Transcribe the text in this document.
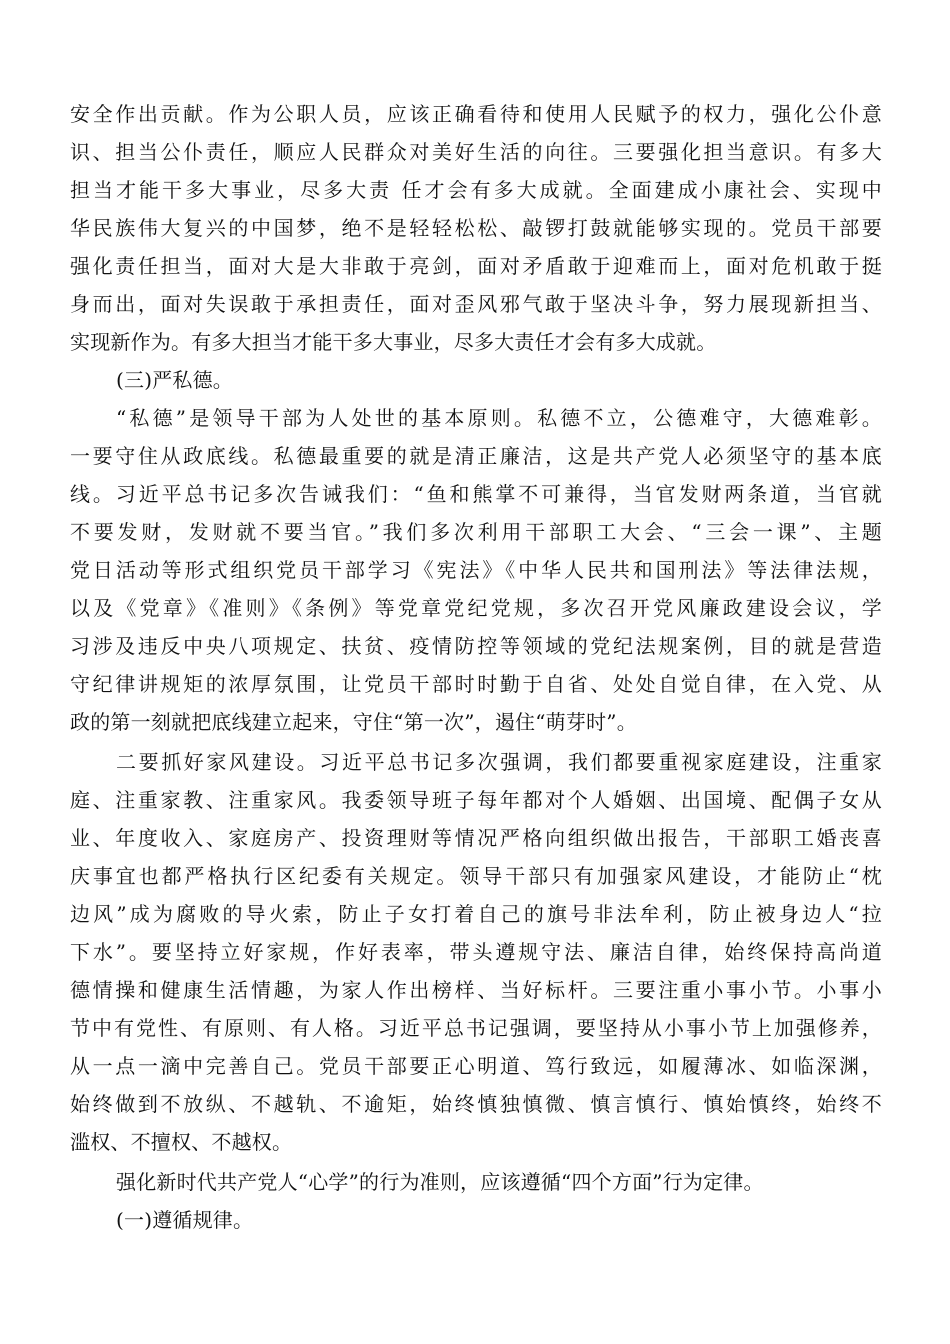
安全作出贡献。作为公职人员，应该正确看待和使用人民赋予的权力，强化公仆意
识、担当公仆责任，顺应人民群众对美好生活的向往。三要强化担当意识。有多大
担当才能干多大事业，尽多大责 任才会有多大成就。全面建成小康社会、实现中
华民族伟大复兴的中国梦，绝不是轻轻松松、敲锣打鼓就能够实现的。党员干部要
强化责任担当，面对大是大非敢于亮剑，面对矛盾敢于迎难而上，面对危机敢于挺
身而出，面对失误敢于承担责任，面对歪风邪气敢于坚决斗争，努力展现新担当、
实现新作为。有多大担当才能干多大事业，尽多大责任才会有多大成就。
(三)严私德。
“私德”是领导干部为人处世的基本原则。私德不立，公德难守，大德难彰。
一要守住从政底线。私德最重要的就是清正廉洁，这是共产党人必须坚守的基本底
线。习近平总书记多次告诫我们：“鱼和熊掌不可兼得，当官发财两条道，当官就
不要发财，发财就不要当官。”我们多次利用干部职工大会、“三会一课”、主题
党日活动等形式组织党员干部学习《宪法》《中华人民共和国刑法》等法律法规，
以及《党章》《准则》《条例》等党章党纪党规，多次召开党风廉政建设会议，学
习涉及违反中央八项规定、扶贫、疫情防控等领域的党纪法规案例，目的就是营造
守纪律讲规矩的浓厚氛围，让党员干部时时勤于自省、处处自觉自律，在入党、从
政的第一刻就把底线建立起来，守住“第一次”，遏住“萌芽时”。
二要抓好家风建设。习近平总书记多次强调，我们都要重视家庭建设，注重家
庭、注重家教、注重家风。我委领导班子每年都对个人婚姻、出国境、配偶子女从
业、年度收入、家庭房产、投资理财等情况严格向组织做出报告，干部职工婚丧喜
庆事宜也都严格执行区纪委有关规定。领导干部只有加强家风建设，才能防止“枕
边风”成为腐败的导火索，防止子女打着自己的旗号非法牟利，防止被身边人“拉
下水”。要坚持立好家规，作好表率，带头遵规守法、廉洁自律，始终保持高尚道
德情操和健康生活情趣，为家人作出榜样、当好标杆。三要注重小事小节。小事小
节中有党性、有原则、有人格。习近平总书记强调，要坚持从小事小节上加强修养，
从一点一滴中完善自己。党员干部要正心明道、笃行致远，如履薄冰、如临深渊，
始终做到不放纵、不越轨、不逾矩，始终慎独慎微、慎言慎行、慎始慎终，始终不
滥权、不擅权、不越权。
强化新时代共产党人“心学”的行为准则，应该遵循“四个方面”行为定律。
(一)遵循规律。
